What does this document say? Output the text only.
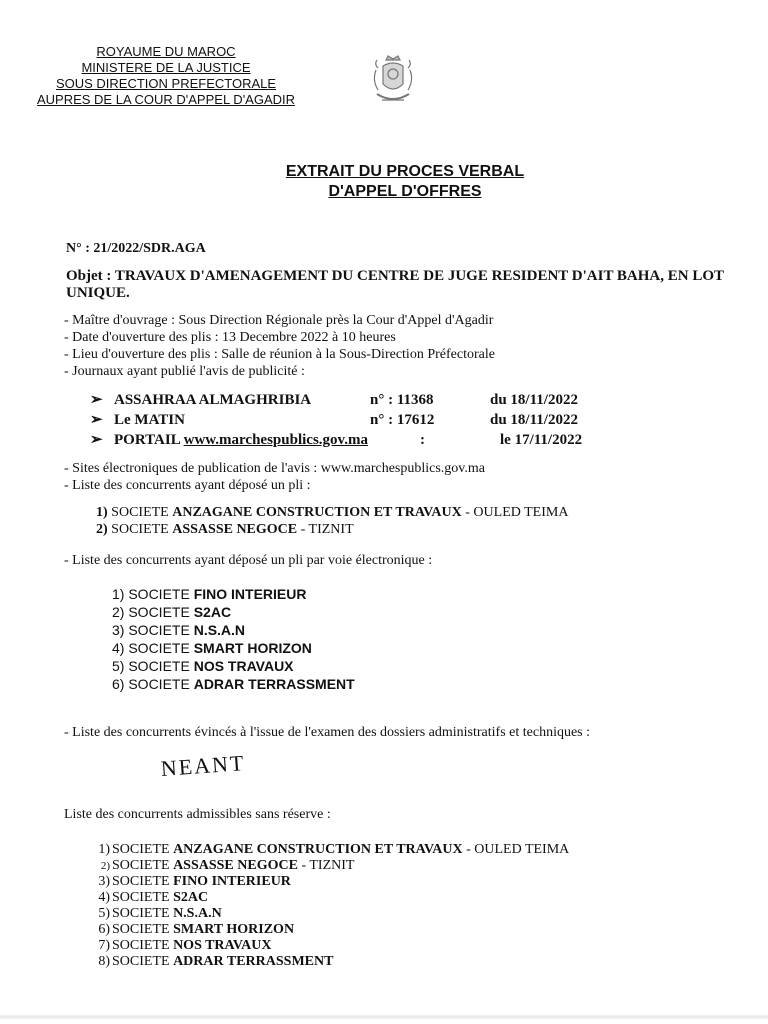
ROYAUME DU MAROC
MINISTERE DE LA JUSTICE
SOUS DIRECTION PREFECTORALE
AUPRES DE LA COUR D'APPEL D'AGADIR
EXTRAIT DU PROCES VERBAL
D'APPEL D'OFFRES
N° : 21/2022/SDR.AGA
Objet : TRAVAUX D'AMENAGEMENT DU CENTRE DE JUGE RESIDENT D'AIT BAHA, EN LOT UNIQUE.
- Maître d'ouvrage : Sous Direction Régionale près la Cour d'Appel d'Agadir
- Date d'ouverture des plis : 13 Decembre 2022 à 10 heures
- Lieu d'ouverture des plis : Salle de réunion à la Sous-Direction Préfectorale
- Journaux ayant publié l'avis de publicité :
➢ ASSAHRAA ALMAGHRIBIA	n° : 11368	du 18/11/2022
➢ Le MATIN	n° : 17612	du 18/11/2022
➢ PORTAIL www.marchespublics.gov.ma	:	le 17/11/2022
- Sites électroniques de publication de l'avis : www.marchespublics.gov.ma
- Liste des concurrents ayant déposé un pli :
1) SOCIETE ANZAGANE CONSTRUCTION ET TRAVAUX - OULED TEIMA
2) SOCIETE ASSASSE NEGOCE - TIZNIT
- Liste des concurrents ayant déposé un pli par voie électronique :
1) SOCIETE FINO INTERIEUR
2) SOCIETE S2AC
3) SOCIETE N.S.A.N
4) SOCIETE SMART HORIZON
5) SOCIETE NOS TRAVAUX
6) SOCIETE ADRAR TERRASSMENT
- Liste des concurrents évincés à l'issue de l'examen des dossiers administratifs et techniques :
NEANT
Liste des concurrents admissibles sans réserve :
1) SOCIETE ANZAGANE CONSTRUCTION ET TRAVAUX - OULED TEIMA
2) SOCIETE ASSASSE NEGOCE - TIZNIT
3) SOCIETE FINO INTERIEUR
4) SOCIETE S2AC
5) SOCIETE N.S.A.N
6) SOCIETE SMART HORIZON
7) SOCIETE NOS TRAVAUX
8) SOCIETE ADRAR TERRASSMENT
